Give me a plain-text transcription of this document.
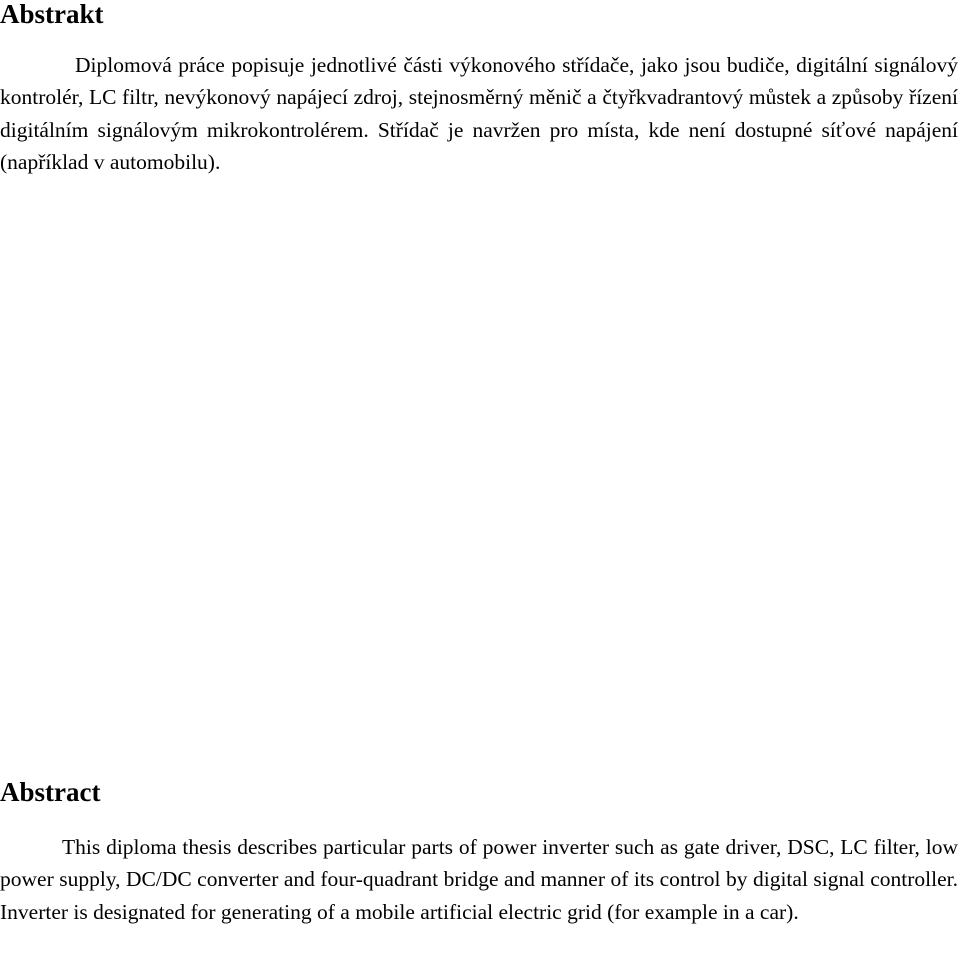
Abstrakt

Diplomová práce popisuje jednotlivé části výkonového střídače, jako jsou budiče, digitální signálový kontrolér, LC filtr, nevýkonový napájecí zdroj, stejnosměrný měnič a čtyřkvadrantový můstek a způsoby řízení digitálním signálovým mikrokontrolérem. Střídač je navržen pro místa, kde není dostupné síťové napájení (například v automobilu).

Abstract

This diploma thesis describes particular parts of power inverter such as gate driver, DSC, LC filter, low power supply, DC/DC converter and four-quadrant bridge and manner of its control by digital signal controller. Inverter is designated for generating of a mobile artificial electric grid (for example in a car).
